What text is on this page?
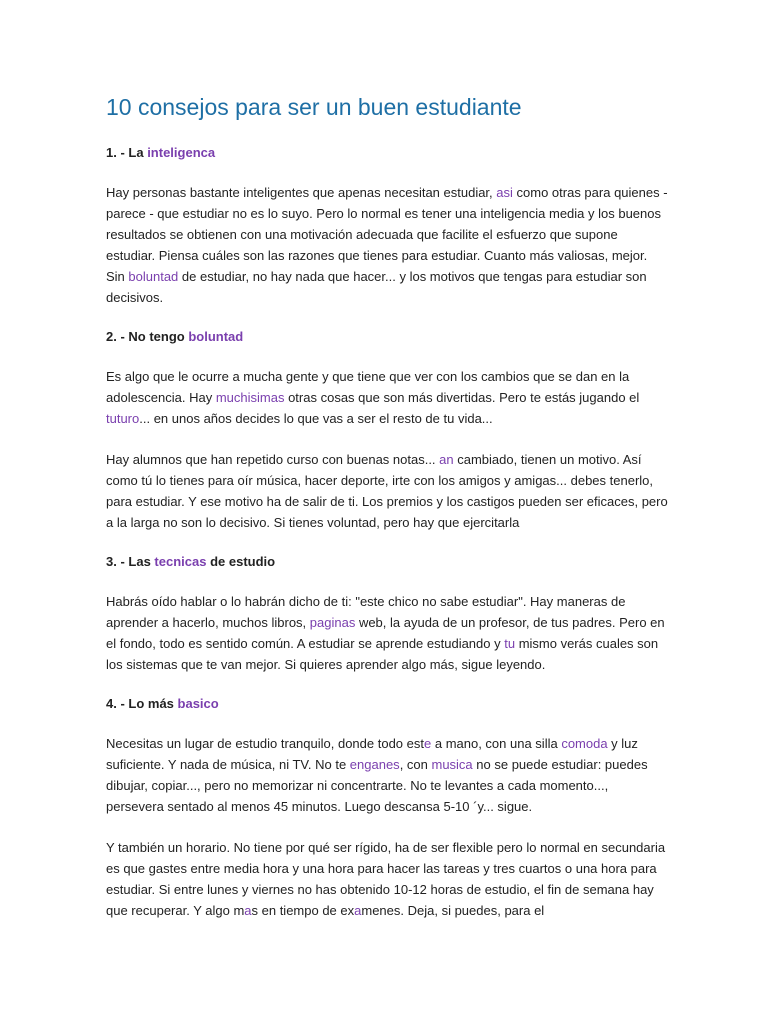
10 consejos para ser un buen estudiante
1. - La inteligenca

Hay personas bastante inteligentes que apenas necesitan estudiar, asi como otras para quienes - parece - que estudiar no es lo suyo. Pero lo normal es tener una inteligencia media y los buenos resultados se obtienen con una motivación adecuada que facilite el esfuerzo que supone estudiar. Piensa cuáles son las razones que tienes para estudiar. Cuanto más valiosas, mejor. Sin boluntad de estudiar, no hay nada que hacer... y los motivos que tengas para estudiar son decisivos.

2. - No tengo boluntad

Es algo que le ocurre a mucha gente y que tiene que ver con los cambios que se dan en la adolescencia. Hay muchisimas otras cosas que son más divertidas. Pero te estás jugando el tuturo... en unos años decides lo que vas a ser el resto de tu vida...

Hay alumnos que han repetido curso con buenas notas... an cambiado, tienen un motivo. Así como tú lo tienes para oír música, hacer deporte, irte con los amigos y amigas... debes tenerlo, para estudiar. Y ese motivo ha de salir de ti. Los premios y los castigos pueden ser eficaces, pero a la larga no son lo decisivo. Si tienes voluntad, pero hay que ejercitarla

3. - Las tecnicas de estudio

Habrás oído hablar o lo habrán dicho de ti: "este chico no sabe estudiar". Hay maneras de aprender a hacerlo, muchos libros, paginas web, la ayuda de un profesor, de tus padres. Pero en el fondo, todo es sentido común. A estudiar se aprende estudiando y tu mismo verás cuales son los sistemas que te van mejor. Si quieres aprender algo más, sigue leyendo.

4. - Lo más basico

Necesitas un lugar de estudio tranquilo, donde todo este a mano, con una silla comoda y luz suficiente. Y nada de música, ni TV. No te enganes, con musica no se puede estudiar: puedes dibujar, copiar..., pero no memorizar ni concentrarte. No te levantes a cada momento..., persevera sentado al menos 45 minutos. Luego descansa 5-10 ´y... sigue.

Y también un horario. No tiene por qué ser rígido, ha de ser flexible pero lo normal en secundaria es que gastes entre media hora y una hora para hacer las tareas y tres cuartos o una hora para estudiar. Si entre lunes y viernes no has obtenido 10-12 horas de estudio, el fin de semana hay que recuperar. Y algo mas en tiempo de examenes. Deja, si puedes, para el
